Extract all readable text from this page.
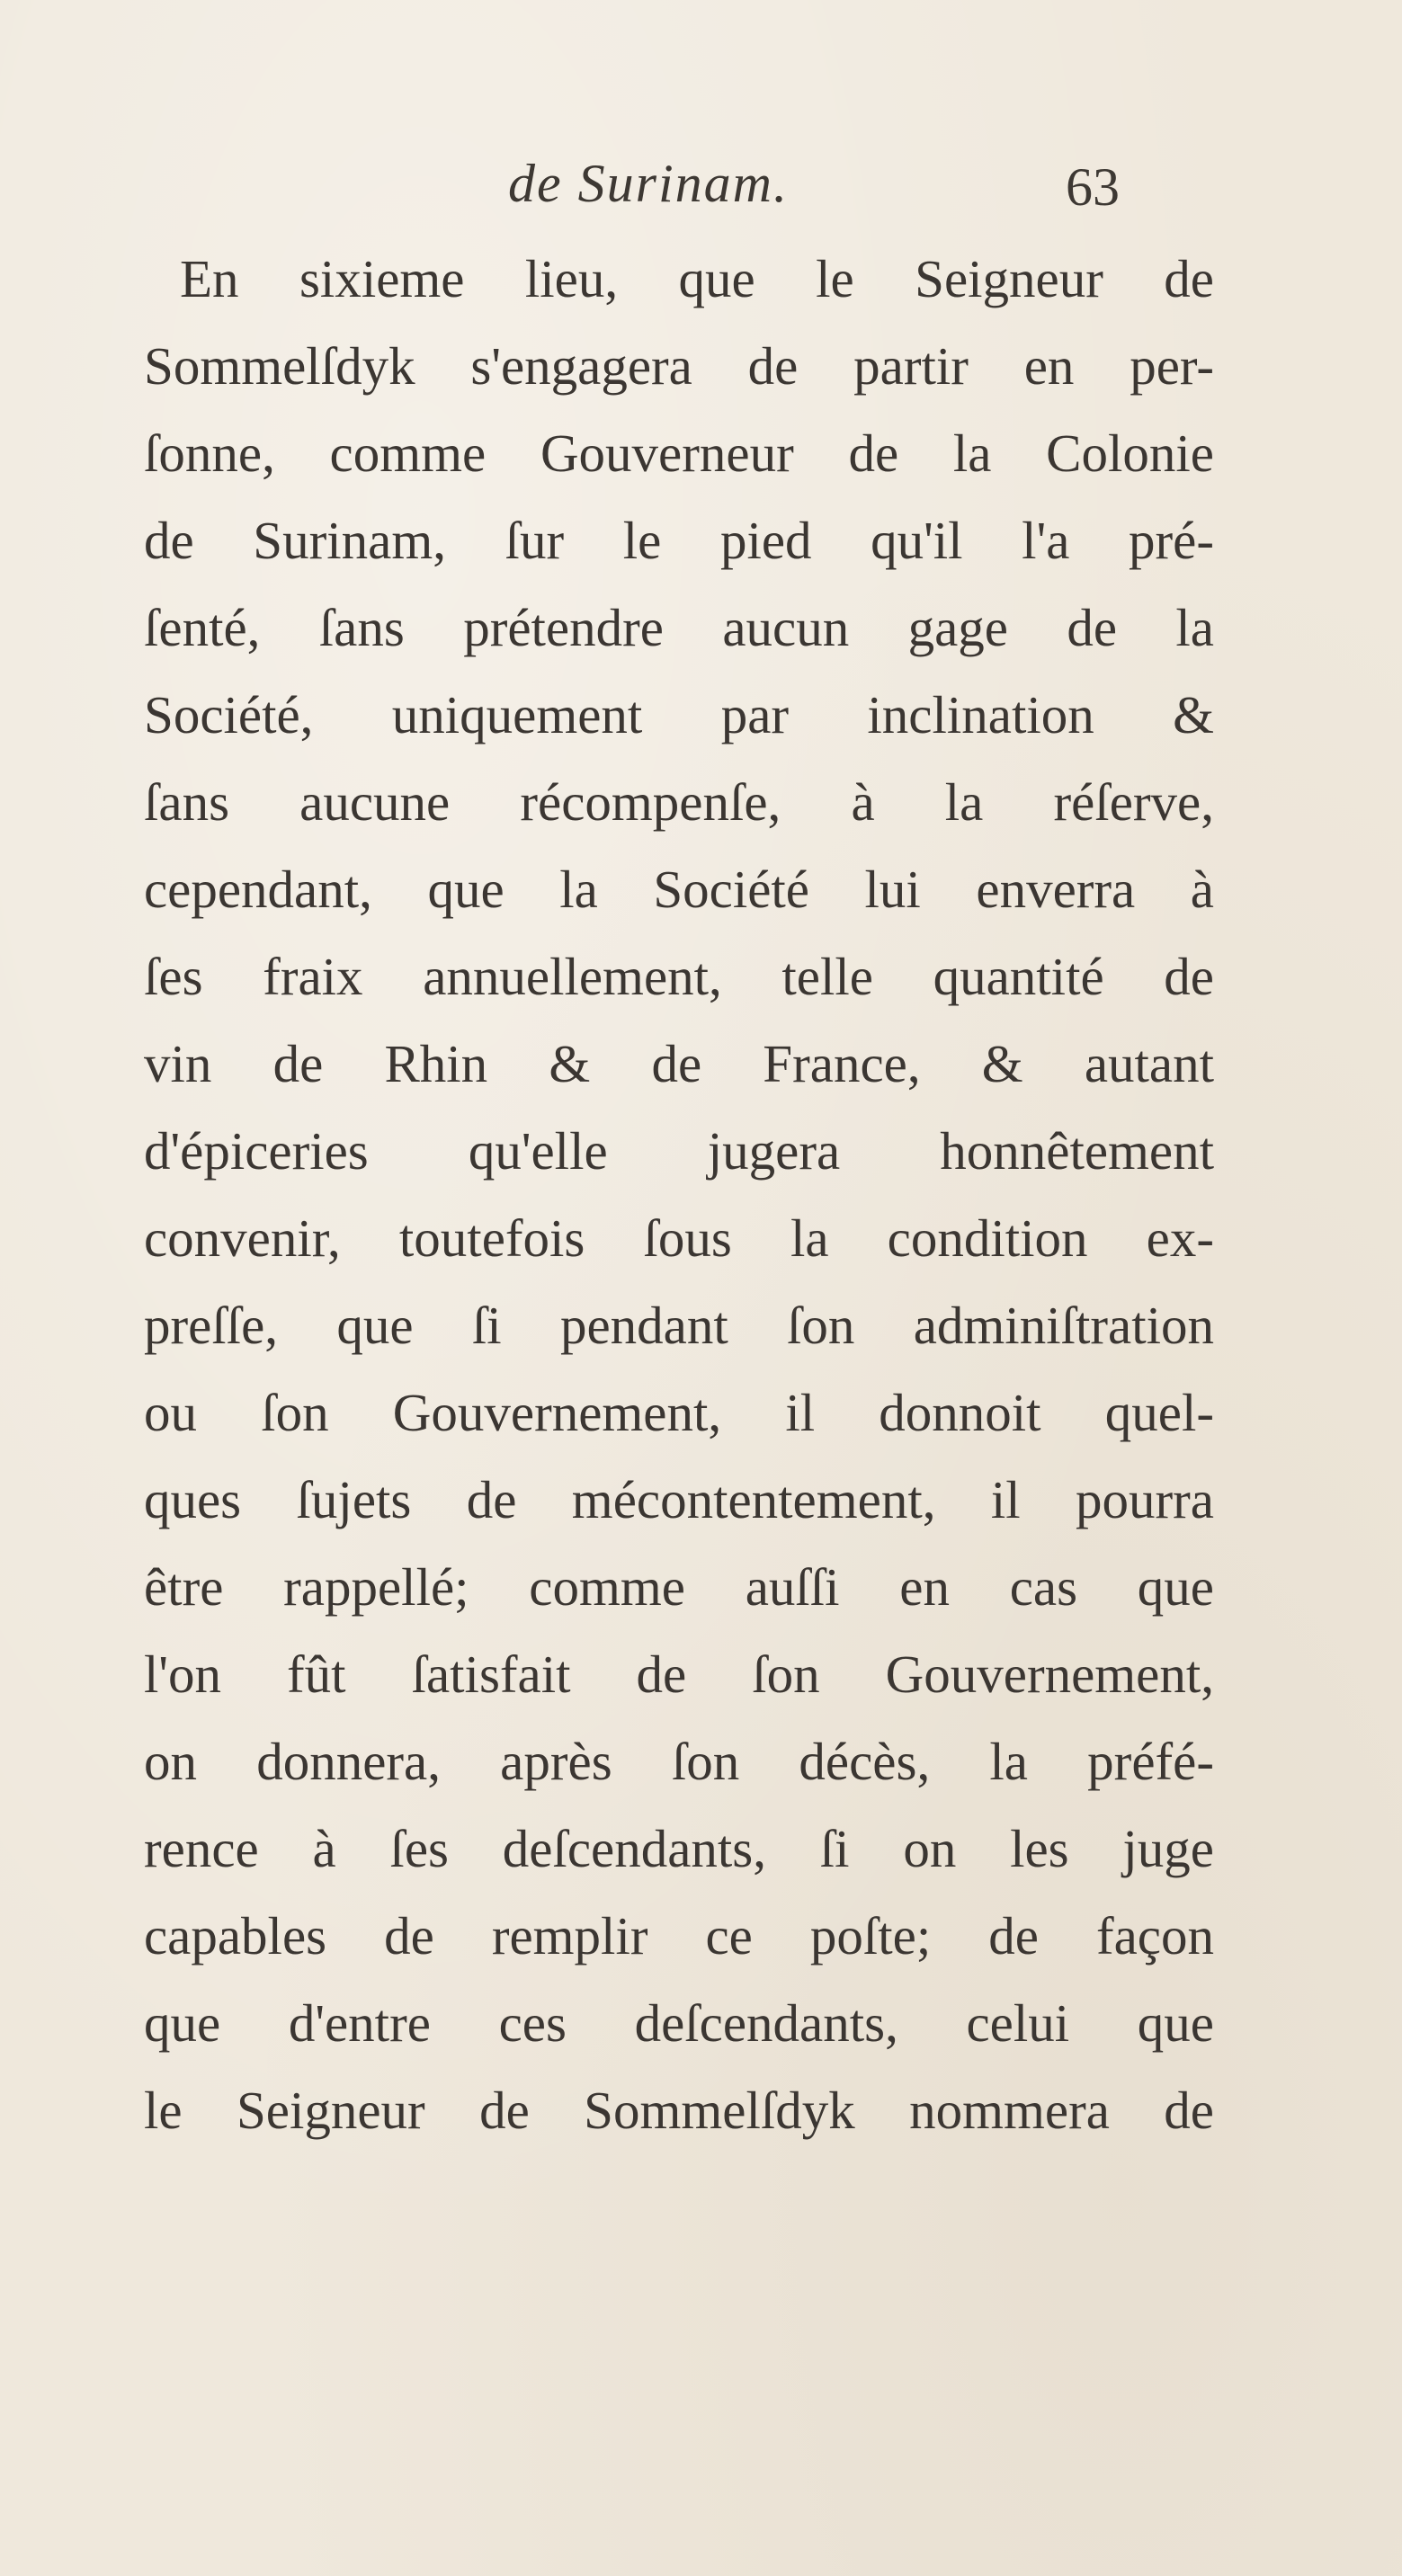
de Surinam.	63
En sixieme lieu, que le Seigneur de
Sommelſdyk s'engagera de partir en per-
ſonne, comme Gouverneur de la Colonie
de Surinam, ſur le pied qu'il l'a pré-
ſenté, ſans prétendre aucun gage de la
Société, uniquement par inclination &
ſans aucune récompenſe, à la réſerve,
cependant, que la Société lui enverra à
ſes fraix annuellement, telle quantité de
vin de Rhin & de France, & autant
d'épiceries qu'elle jugera honnêtement
convenir, toutefois ſous la condition ex-
preſſe, que ſi pendant ſon adminiſtration
ou ſon Gouvernement, il donnoit quel-
ques ſujets de mécontentement, il pourra
être rappellé; comme auſſi en cas que
l'on fût ſatisfait de ſon Gouvernement,
on donnera, après ſon décès, la préfé-
rence à ſes deſcendants, ſi on les juge
capables de remplir ce poſte; de façon
que d'entre ces deſcendants, celui que
le Seigneur de Sommelſdyk nommera de
